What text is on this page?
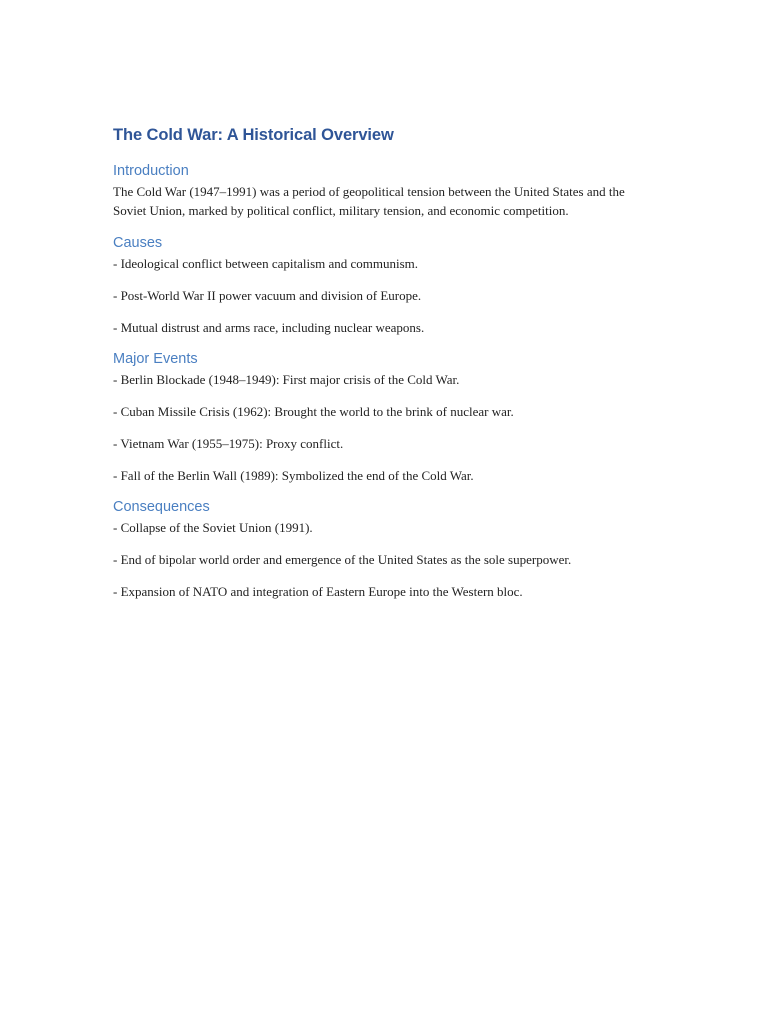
The Cold War: A Historical Overview
Introduction

The Cold War (1947–1991) was a period of geopolitical tension between the United States and the Soviet Union, marked by political conflict, military tension, and economic competition.

Causes

- Ideological conflict between capitalism and communism.

- Post-World War II power vacuum and division of Europe.

- Mutual distrust and arms race, including nuclear weapons.

Major Events

- Berlin Blockade (1948–1949): First major crisis of the Cold War.

- Cuban Missile Crisis (1962): Brought the world to the brink of nuclear war.

- Vietnam War (1955–1975): Proxy conflict.

- Fall of the Berlin Wall (1989): Symbolized the end of the Cold War.

Consequences

- Collapse of the Soviet Union (1991).

- End of bipolar world order and emergence of the United States as the sole superpower.

- Expansion of NATO and integration of Eastern Europe into the Western bloc.
